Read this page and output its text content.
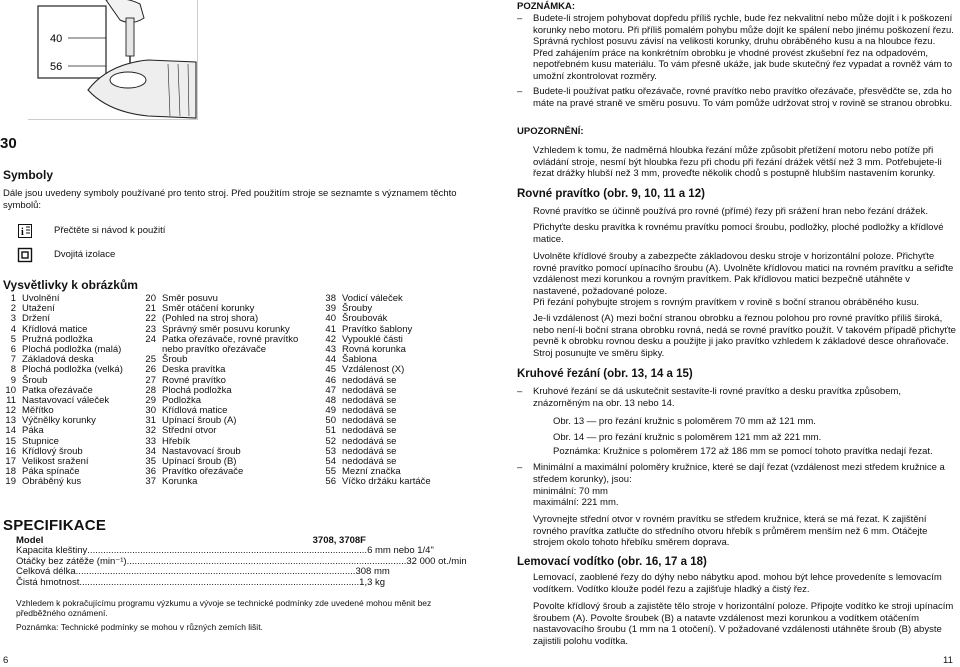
40
56
30
Symboly
Dále jsou uvedeny symboly používané pro tento stroj. Před použitím stroje se seznamte s významem těchto symbolů:
i	Přečtěte si návod k použití
Dvojitá izolace
Vysvětlivky k obrázkům
1 Uvolnění
2 Utažení
3 Držení
4 Křídlová matice
5 Pružná podložka
6 Plochá podložka (malá)
7 Základová deska
8 Plochá podložka (velká)
9 Šroub
10 Patka ořezávače
11 Nastavovací váleček
12 Měřítko
13 Výčnělky korunky
14 Páka
15 Stupnice
16 Křídlový šroub
17 Velikost sražení
18 Páka spínače
19 Obráběný kus
20 Směr posuvu
21 Směr otáčení korunky
22 (Pohled na stroj shora)
23 Správný směr posuvu korunky
24 Patka ořezávače, rovné pravítko
nebo pravítko ořezávače
25 Šroub
26 Deska pravítka
27 Rovné pravítko
28 Plochá podložka
29 Podložka
30 Křídlová matice
31 Upínací šroub (A)
32 Střední otvor
33 Hřebík
34 Nastavovací šroub
35 Upínací šroub (B)
36 Pravítko ořezávače
37 Korunka
38 Vodicí váleček
39 Šrouby
40 Šroubovák
41 Pravítko šablony
42 Vypouklé části
43 Rovná korunka
44 Šablona
45 Vzdálenost (X)
46 nedodává se
47 nedodává se
48 nedodává se
49 nedodává se
50 nedodává se
51 nedodává se
52 nedodává se
53 nedodává se
54 nedodává se
55 Mezní značka
56 Víčko držáku kartáče
SPECIFIKACE
Model	3708, 3708F
Kapacita kleštiny .......................................................................................................... 6 mm nebo 1/4"
Otáčky bez zátěže (min⁻¹) .......................................................................................................... 32 000 ot./min
Celková délka .......................................................................................................... 308 mm
Čistá hmotnost .......................................................................................................... 1,3 kg
Vzhledem k pokračujícímu programu výzkumu a vývoje se technické podmínky zde uvedené mohou měnit bez předběžného oznámení.
Poznámka: Technické podmínky se mohou v různých zemích lišit.
6
POZNÁMKA:
–	Budete-li strojem pohybovat dopředu příliš rychle, bude řez nekvalitní nebo může dojít i k poškození korunky nebo motoru. Při příliš pomalém pohybu může dojít ke spálení nebo jinému poškození řezu. Správná rychlost posuvu závisí na velikosti korunky, druhu obráběného kusu a na hloubce řezu. Před zahájením práce na konkrétním obrobku je vhodné provést zkušební řez na odpadovém, nepotřebném kusu materiálu. To vám přesně ukáže, jak bude skutečný řez vypadat a rovněž vám to umožní zkontrolovat rozměry.
–	Budete-li používat patku ořezávače, rovné pravítko nebo pravítko ořezávače, přesvědčte se, zda ho máte na pravé straně ve směru posuvu. To vám pomůže udržovat stroj v rovině se stranou obrobku.
UPOZORNĚNÍ:
Vzhledem k tomu, že nadměrná hloubka řezání může způsobit přetížení motoru nebo potíže při ovládání stroje, nesmí být hloubka řezu při chodu při řezání drážek větší než 3 mm. Potřebujete-li řezat drážky hlubší než 3 mm, proveďte několik chodů s postupně hlubším nastavením korunky.
Rovné pravítko (obr. 9, 10, 11 a 12)
Rovné pravítko se účinně používá pro rovné (přímé) řezy při srážení hran nebo řezání drážek.
Přichyťte desku pravítka k rovnému pravítku pomocí šroubu, podložky, ploché podložky a křídlové matice.
Uvolněte křídlové šrouby a zabezpečte základovou desku stroje v horizontální poloze. Přichyťte rovné pravítko pomocí upínacího šroubu (A). Uvolněte křídlovou matici na rovném pravítku a seřiďte vzdálenost mezi korunkou a rovným pravítkem. Pak křídlovou matici bezpečně utáhněte v nastavené, požadované poloze.
Při řezání pohybujte strojem s rovným pravítkem v rovině s boční stranou obráběného kusu.
Je-li vzdálenost (A) mezi boční stranou obrobku a řeznou polohou pro rovné pravítko příliš široká, nebo není-li boční strana obrobku rovná, nedá se rovné pravítko použít. V takovém případě přichyťte pevně k obrobku rovnou desku a použijte ji jako pravítko vzhledem k základové desce ohraňovače. Stroj posunujte ve směru šipky.
Kruhové řezání (obr. 13, 14 a 15)
–	Kruhové řezání se dá uskutečnit sestavíte-li rovné pravítko a desku pravítka způsobem, znázorněným na obr. 13 nebo 14.
Obr. 13 — pro řezání kružnic s poloměrem 70 mm až 121 mm.
Obr. 14 — pro řezání kružnic s poloměrem 121 mm až 221 mm.
Poznámka: Kružnice s poloměrem 172 až 186 mm se pomocí tohoto pravítka nedají řezat.
–	Minimální a maximální poloměry kružnice, které se dají řezat (vzdálenost mezi středem kružnice a středem korunky), jsou:
minimální: 70 mm
maximální: 221 mm.
Vyrovnejte střední otvor v rovném pravítku se středem kružnice, která se má řezat. K zajištění rovného pravítka zatlučte do středního otvoru hřebík s průměrem menším než 6 mm. Otáčejte strojem okolo tohoto hřebíku směrem doprava.
Lemovací vodítko (obr. 16, 17 a 18)
Lemovací, zaoblené řezy do dýhy nebo nábytku apod. mohou být lehce provedeníte s lemovacím vodítkem. Vodítko klouže podél řezu a zajišťuje hladký a čistý řez.
Povolte křídlový šroub a zajistěte tělo stroje v horizontální poloze. Připojte vodítko ke stroji upínacím šroubem (A). Povolte šroubek (B) a natavte vzdálenost mezi korunkou a vodítkem otáčením nastavovacího šroubu (1 mm na 1 otočení). V požadované vzdálenosti utáhněte šroub (B) abyste zajistili polohu vodítka.
11
